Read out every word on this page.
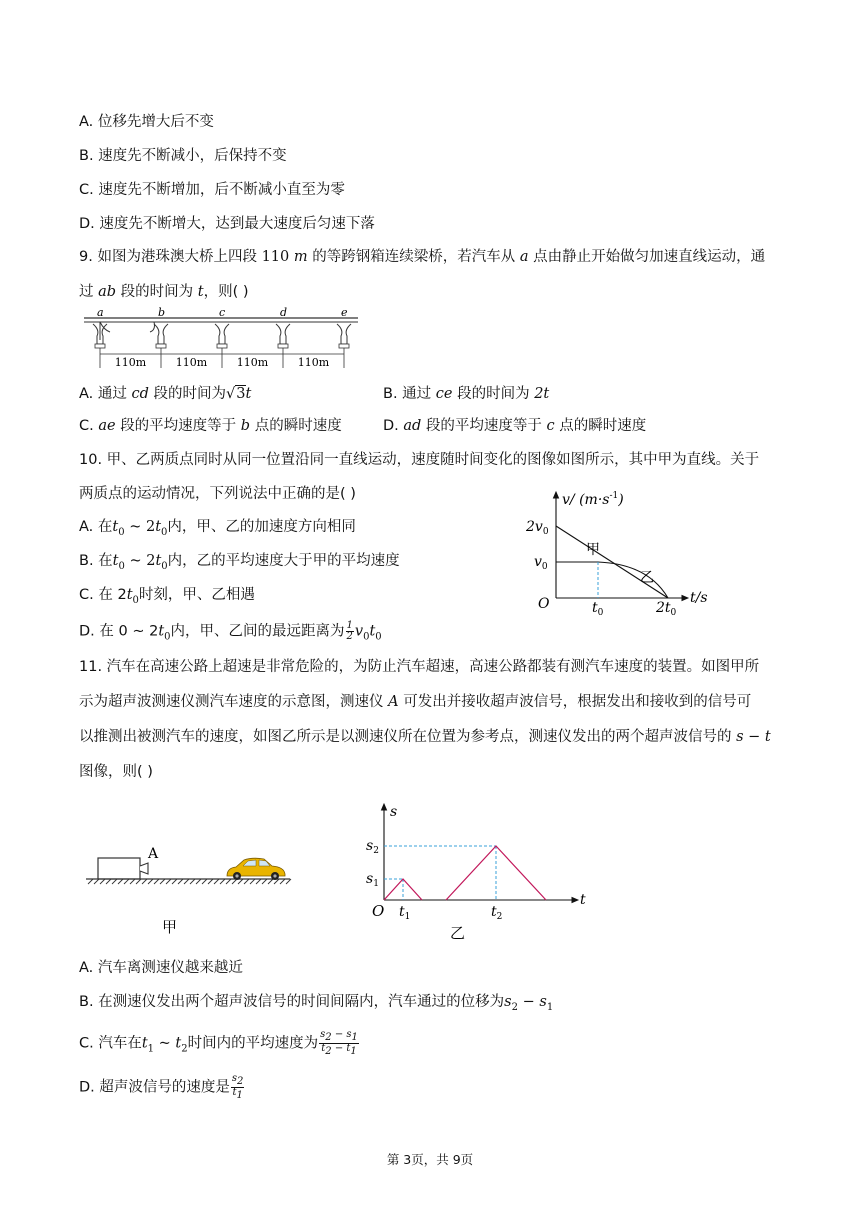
A. 位移先增大后不变
B. 速度先不断减小，后保持不变
C. 速度先不断增加，后不断减小直至为零
D. 速度先不断增大，达到最大速度后匀速下落
9. 如图为港珠澳大桥上四段 110 m 的等跨钢箱连续梁桥，若汽车从 a 点由静止开始做匀加速直线运动，通
过 ab 段的时间为 t，则( )
a	b	c	d	e
110m	110m	110m	110m
A. 通过 cd 段的时间为√3t	B. 通过 ce 段的时间为 2t
C. ae 段的平均速度等于 b 点的瞬时速度	D. ad 段的平均速度等于 c 点的瞬时速度
10. 甲、乙两质点同时从同一位置沿同一直线运动，速度随时间变化的图像如图所示，其中甲为直线。关于
两质点的运动情况，下列说法中正确的是( )
A. 在$t_0$ ~ $2t_0$内，甲、乙的加速度方向相同
B. 在$t_0$ ~ $2t_0$内，乙的平均速度大于甲的平均速度
C. 在 $2t_0$时刻，甲、乙相遇
D. 在 0 ~ $2t_0$内，甲、乙间的最远距离为 $\frac{1}{2} v_0t_0$
v/ $(m\cdot s^{-1})$
$2v_0$
$v_0$
O	$t_0$	$2t_0$
t/s
甲
乙
11. 汽车在高速公路上超速是非常危险的，为防止汽车超速，高速公路都装有测汽车速度的装置。如图甲所
示为超声波测速仪测汽车速度的示意图，测速仪 A 可发出并接收超声波信号，根据发出和接收到的信号可
以推测出被测汽车的速度，如图乙所示是以测速仪所在位置为参考点，测速仪发出的两个超声波信号的 s − t
图像，则( )
A
甲
s
t
$s_2$
$s_1$
O $t_1$	$t_2$
乙
A. 汽车离测速仪越来越近
B. 在测速仪发出两个超声波信号的时间间隔内，汽车通过的位移为$s_2 - s_1$
C. 汽车在$t_1$ ~ $t_2$时间内的平均速度为 $\frac{s_2 - s_1}{t_2 - t_1}$
D. 超声波信号的速度是 $\frac{s_2}{t_1}$
第 3页，共 9页
